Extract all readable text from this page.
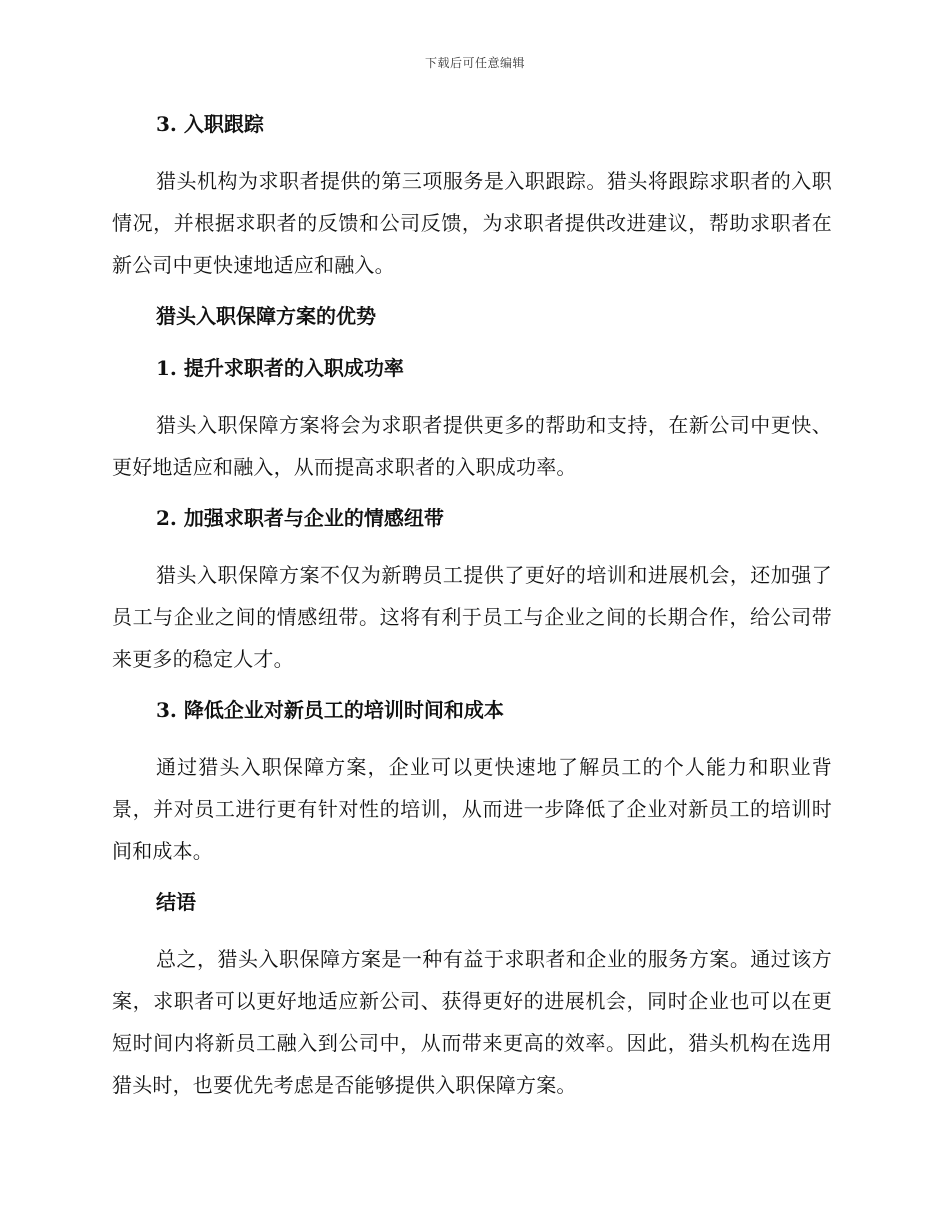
下载后可任意编辑
3. 入职跟踪
猎头机构为求职者提供的第三项服务是入职跟踪。猎头将跟踪求职者的入职情况，并根据求职者的反馈和公司反馈，为求职者提供改进建议，帮助求职者在新公司中更快速地适应和融入。
猎头入职保障方案的优势
1. 提升求职者的入职成功率
猎头入职保障方案将会为求职者提供更多的帮助和支持，在新公司中更快、更好地适应和融入，从而提高求职者的入职成功率。
2. 加强求职者与企业的情感纽带
猎头入职保障方案不仅为新聘员工提供了更好的培训和进展机会，还加强了员工与企业之间的情感纽带。这将有利于员工与企业之间的长期合作，给公司带来更多的稳定人才。
3. 降低企业对新员工的培训时间和成本
通过猎头入职保障方案，企业可以更快速地了解员工的个人能力和职业背景，并对员工进行更有针对性的培训，从而进一步降低了企业对新员工的培训时间和成本。
结语
总之，猎头入职保障方案是一种有益于求职者和企业的服务方案。通过该方案，求职者可以更好地适应新公司、获得更好的进展机会，同时企业也可以在更短时间内将新员工融入到公司中，从而带来更高的效率。因此，猎头机构在选用猎头时，也要优先考虑是否能够提供入职保障方案。
